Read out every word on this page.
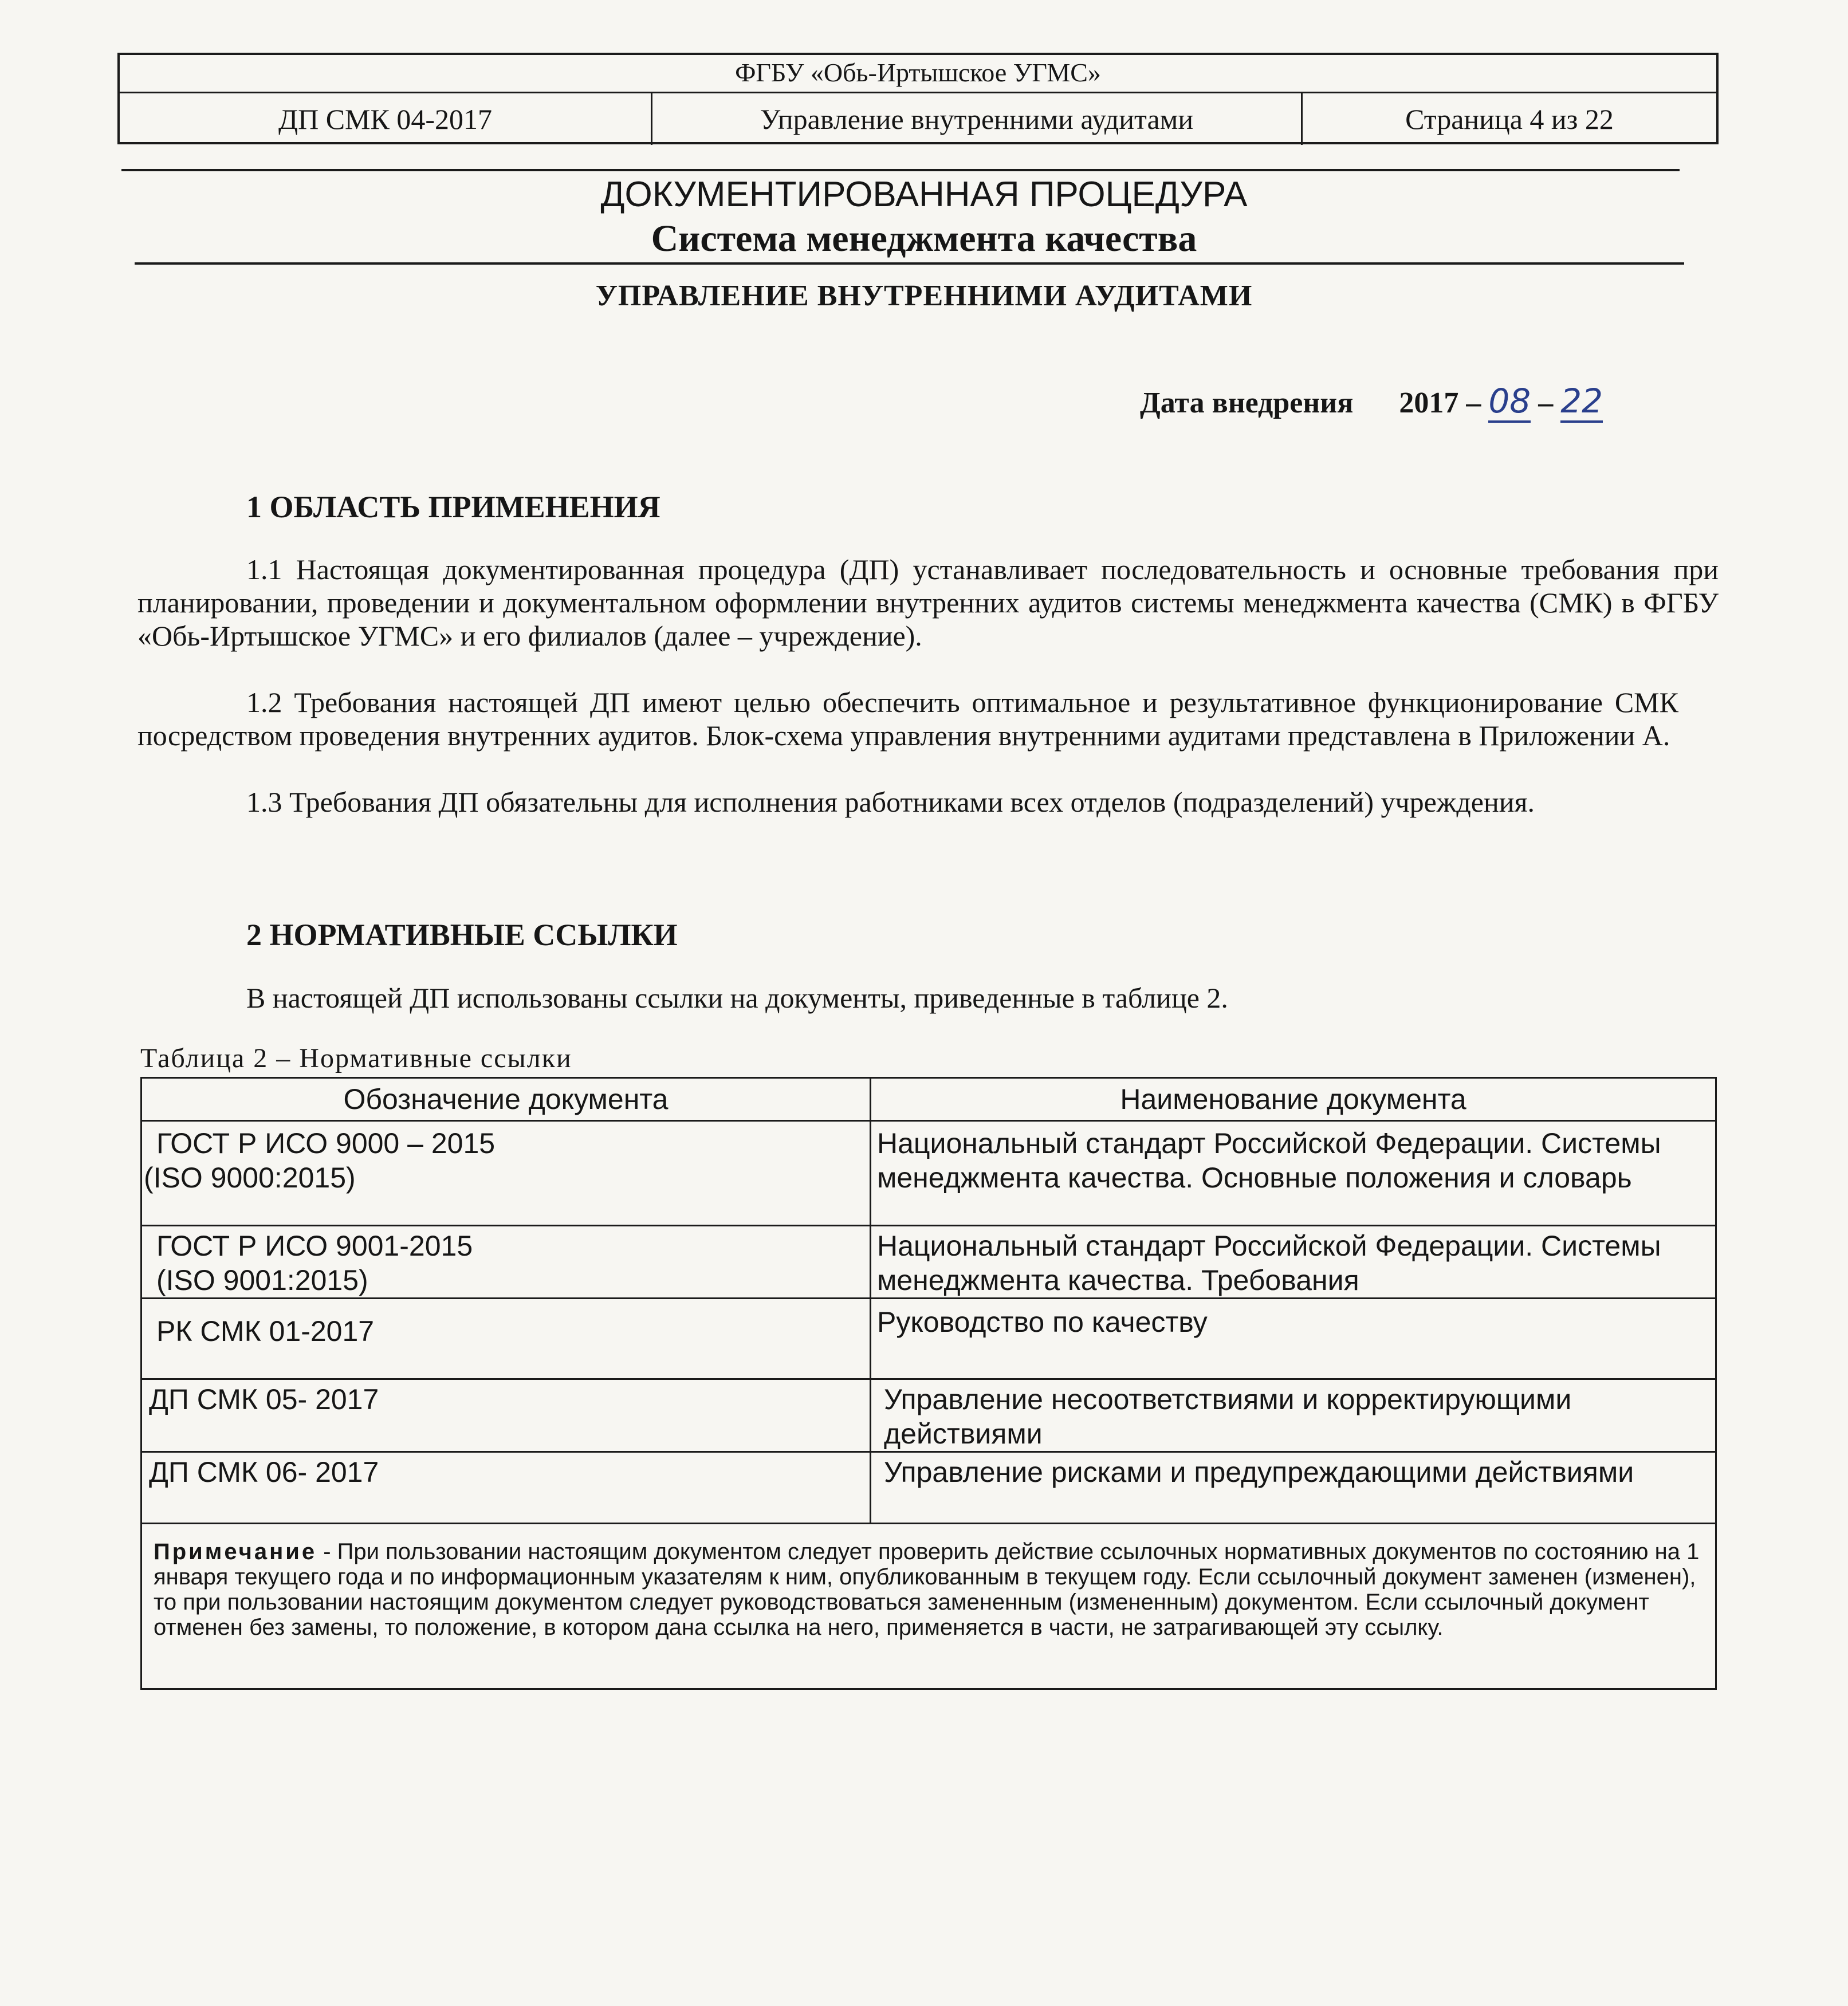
ФГБУ «Обь-Иртышское УГМС»
ДП СМК 04-2017	Управление внутренними аудитами	Страница 4 из 22
ДОКУМЕНТИРОВАННАЯ ПРОЦЕДУРА
Система менеджмента качества
УПРАВЛЕНИЕ ВНУТРЕННИМИ АУДИТАМИ
Дата внедрения 2017 – 08 – 22
1 ОБЛАСТЬ ПРИМЕНЕНИЯ
1.1 Настоящая документированная процедура (ДП) устанавливает последовательность и основные требования при планировании, проведении и документальном оформлении внутренних аудитов системы менеджмента качества (СМК) в ФГБУ «Обь-Иртышское УГМС» и его филиалов (далее – учреждение).
1.2 Требования настоящей ДП имеют целью обеспечить оптимальное и результативное функционирование СМК посредством проведения внутренних аудитов. Блок-схема управления внутренними аудитами представлена в Приложении А.
1.3 Требования ДП обязательны для исполнения работниками всех отделов (подразделений) учреждения.
2 НОРМАТИВНЫЕ ССЫЛКИ
В настоящей ДП использованы ссылки на документы, приведенные в таблице 2.
Таблица 2 – Нормативные ссылки
Обозначение документа	Наименование документа

ГОСТ Р ИСО 9000 – 2015
(ISO 9000:2015)	Национальный стандарт Российской Федерации. Системы менеджмента качества. Основные положения и словарь

ГОСТ Р ИСО 9001-2015
(ISO 9001:2015)	Национальный стандарт Российской Федерации. Системы менеджмента качества. Требования

РК СМК 01-2017	Руководство по качеству

ДП СМК 05- 2017	Управление несоответствиями и корректирующими действиями

ДП СМК 06- 2017	Управление рисками и предупреждающими действиями
Примечание - При пользовании настоящим документом следует проверить действие ссылочных нормативных документов по состоянию на 1 января текущего года и по информационным указателям к ним, опубликованным в текущем году. Если ссылочный документ заменен (изменен), то при пользовании настоящим документом следует руководствоваться замененным (измененным) документом. Если ссылочный документ отменен без замены, то положение, в котором дана ссылка на него, применяется в части, не затрагивающей эту ссылку.	
